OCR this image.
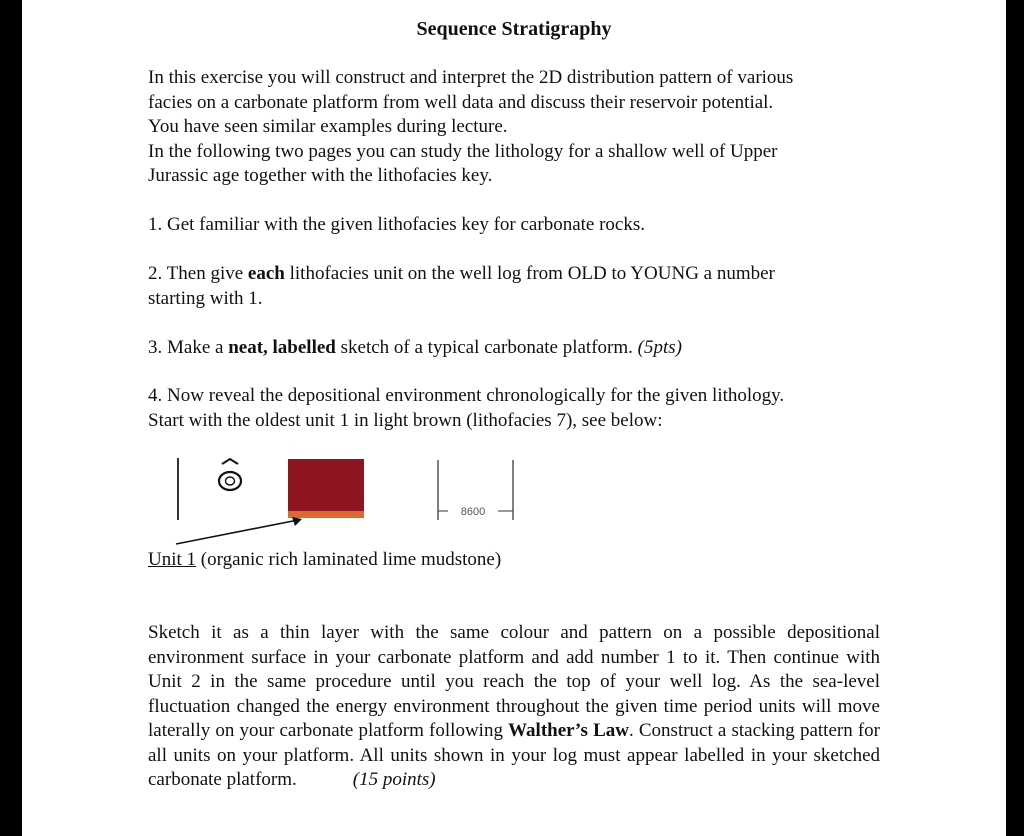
Sequence Stratigraphy
In this exercise you will construct and interpret the 2D distribution pattern of various
facies on a carbonate platform from well data and discuss their reservoir potential.
You have seen similar examples during lecture.
In the following two pages you can study the lithology for a shallow well of Upper
Jurassic age together with the lithofacies key.
1. Get familiar with the given lithofacies key for carbonate rocks.
2. Then give each lithofacies unit on the well log from OLD to YOUNG a number
starting with 1.
3. Make a neat, labelled sketch of a typical carbonate platform. (5pts)
4. Now reveal the depositional environment chronologically for the given lithology.
Start with the oldest unit 1 in light brown (lithofacies 7), see below:
8600
Unit 1 (organic rich laminated lime mudstone)
Sketch it as a thin layer with the same colour and pattern on a possible depositional environment surface in your carbonate platform and add number 1 to it. Then continue with Unit 2 in the same procedure until you reach the top of your well log. As the sea-level fluctuation changed the energy environment throughout the given time period units will move laterally on your carbonate platform following Walther’s Law. Construct a stacking pattern for all units on your platform. All units shown in your log must appear labelled in your sketched carbonate platform.	(15 points)
